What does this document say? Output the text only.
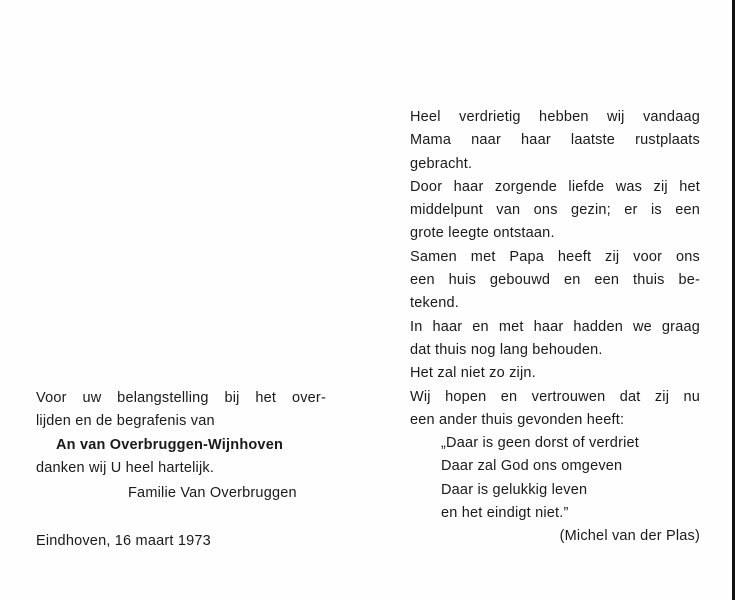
Voor uw belangstelling bij het over-
lijden en de begrafenis van
An van Overbruggen-Wijnhoven
danken wij U heel hartelijk.
Familie Van Overbruggen
Eindhoven, 16 maart 1973
Heel verdrietig hebben wij vandaag
Mama naar haar laatste rustplaats
gebracht.
Door haar zorgende liefde was zij het
middelpunt van ons gezin; er is een
grote leegte ontstaan.
Samen met Papa heeft zij voor ons
een huis gebouwd en een thuis be-
tekend.
In haar en met haar hadden we graag
dat thuis nog lang behouden.
Het zal niet zo zijn.
Wij hopen en vertrouwen dat zij nu
een ander thuis gevonden heeft:
„Daar is geen dorst of verdriet
Daar zal God ons omgeven
Daar is gelukkig leven
en het eindigt niet.”
(Michel van der Plas)
